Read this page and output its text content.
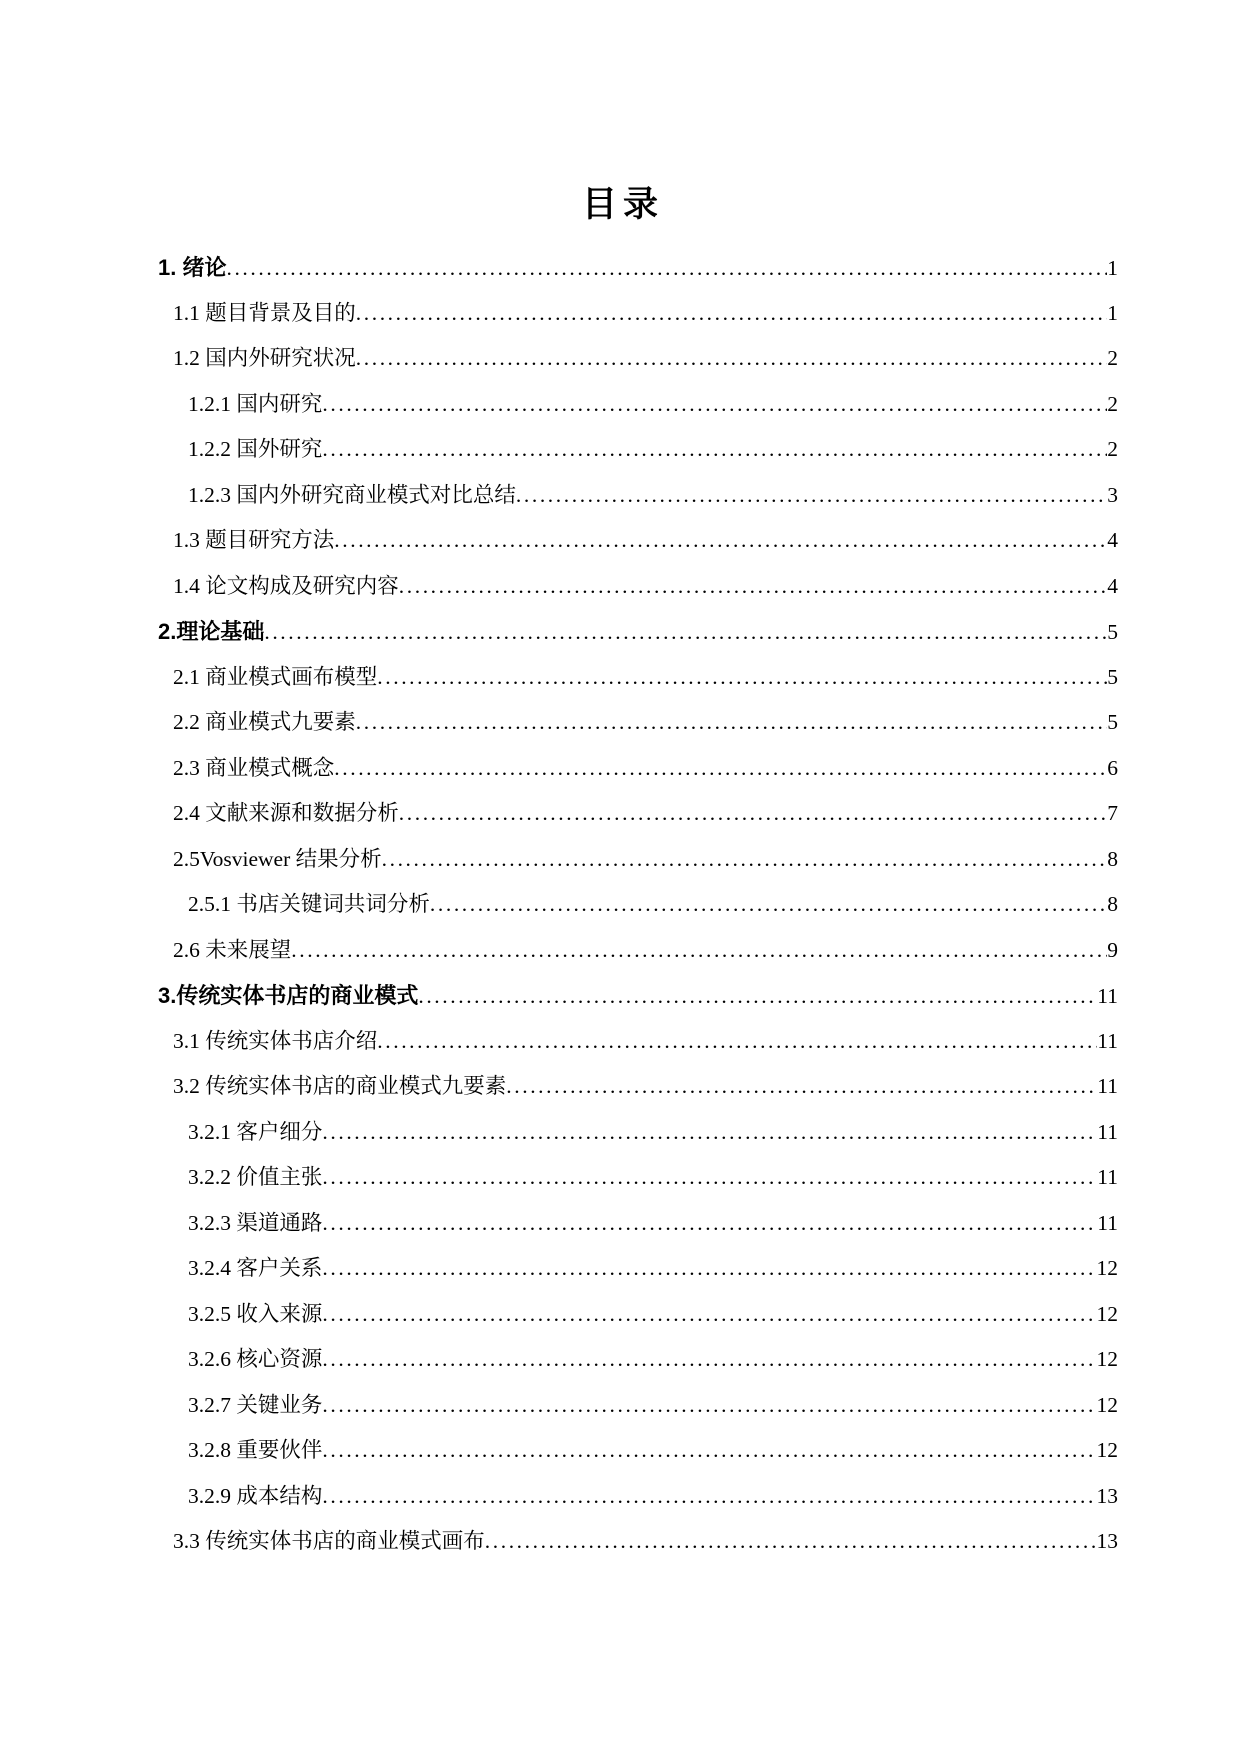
目录
1. 绪论 .....	1
1.1 题目背景及目的 .....	1
1.2 国内外研究状况 .....	2
1.2.1 国内研究 .....	2
1.2.2 国外研究 .....	2
1.2.3 国内外研究商业模式对比总结 .....	3
1.3 题目研究方法 .....	4
1.4 论文构成及研究内容 .....	4
2.理论基础 .....	5
2.1 商业模式画布模型 .....	5
2.2 商业模式九要素 .....	5
2.3 商业模式概念 .....	6
2.4 文献来源和数据分析 .....	7
2.5Vosviewer 结果分析 .....	8
2.5.1 书店关键词共词分析 .....	8
2.6 未来展望 .....	9
3.传统实体书店的商业模式 .....	11
3.1 传统实体书店介绍 .....	11
3.2 传统实体书店的商业模式九要素 .....	11
3.2.1 客户细分 .....	11
3.2.2 价值主张 .....	11
3.2.3 渠道通路 .....	11
3.2.4 客户关系 .....	12
3.2.5 收入来源 .....	12
3.2.6 核心资源 .....	12
3.2.7 关键业务 .....	12
3.2.8 重要伙伴 .....	12
3.2.9 成本结构 .....	13
3.3 传统实体书店的商业模式画布 .....	13
